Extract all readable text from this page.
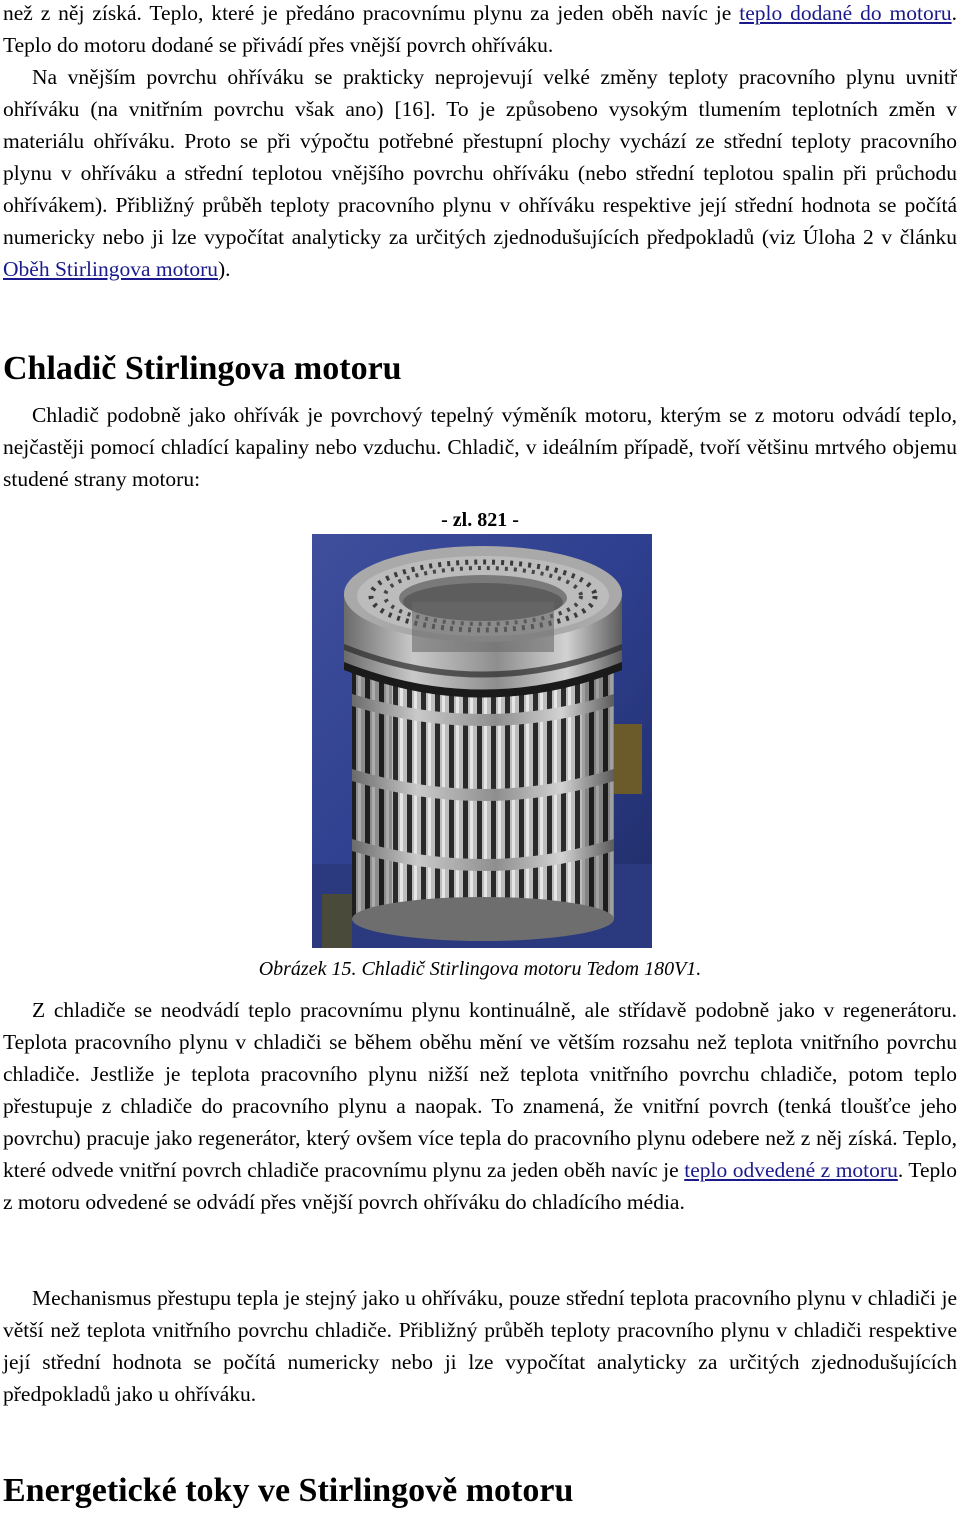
než z něj získá. Teplo, které je předáno pracovnímu plynu za jeden oběh navíc je teplo dodané do motoru. Teplo do motoru dodané se přivádí přes vnější povrch ohříváku.

Na vnějším povrchu ohříváku se prakticky neprojevují velké změny teploty pracovního plynu uvnitř ohříváku (na vnitřním povrchu však ano) [16]. To je způsobeno vysokým tlumením teplotních změn v materiálu ohříváku. Proto se při výpočtu potřebné přestupní plochy vychází ze střední teploty pracovního plynu v ohříváku a střední teplotou vnějšího povrchu ohříváku (nebo střední teplotou spalin při průchodu ohřívákem). Přibližný průběh teploty pracovního plynu v ohříváku respektive její střední hodnota se počítá numericky nebo ji lze vypočítat analyticky za určitých zjednodušujících předpokladů (viz Úloha 2 v článku Oběh Stirlingova motoru).

Chladič Stirlingova motoru

Chladič podobně jako ohřívák je povrchový tepelný výměník motoru, kterým se z motoru odvádí teplo, nejčastěji pomocí chladící kapaliny nebo vzduchu. Chladič, v ideálním případě, tvoří většinu mrtvého objemu studené strany motoru:

- zl. 821 -
Obrázek 15. Chladič Stirlingova motoru Tedom 180V1.

Z chladiče se neodvádí teplo pracovnímu plynu kontinuálně, ale střídavě podobně jako v regenerátoru. Teplota pracovního plynu v chladiči se během oběhu mění ve větším rozsahu než teplota vnitřního povrchu chladiče. Jestliže je teplota pracovního plynu nižší než teplota vnitřního povrchu chladiče, potom teplo přestupuje z chladiče do pracovního plynu a naopak. To znamená, že vnitřní povrch (tenká tloušťce jeho povrchu) pracuje jako regenerátor, který ovšem více tepla do pracovního plynu odebere než z něj získá. Teplo, které odvede vnitřní povrch chladiče pracovnímu plynu za jeden oběh navíc je teplo odvedené z motoru. Teplo z motoru odvedené se odvádí přes vnější povrch ohříváku do chladícího média.

Mechanismus přestupu tepla je stejný jako u ohříváku, pouze střední teplota pracovního plynu v chladiči je větší než teplota vnitřního povrchu chladiče. Přibližný průběh teploty pracovního plynu v chladiči respektive její střední hodnota se počítá numericky nebo ji lze vypočítat analyticky za určitých zjednodušujících předpokladů jako u ohříváku.

Energetické toky ve Stirlingově motoru
